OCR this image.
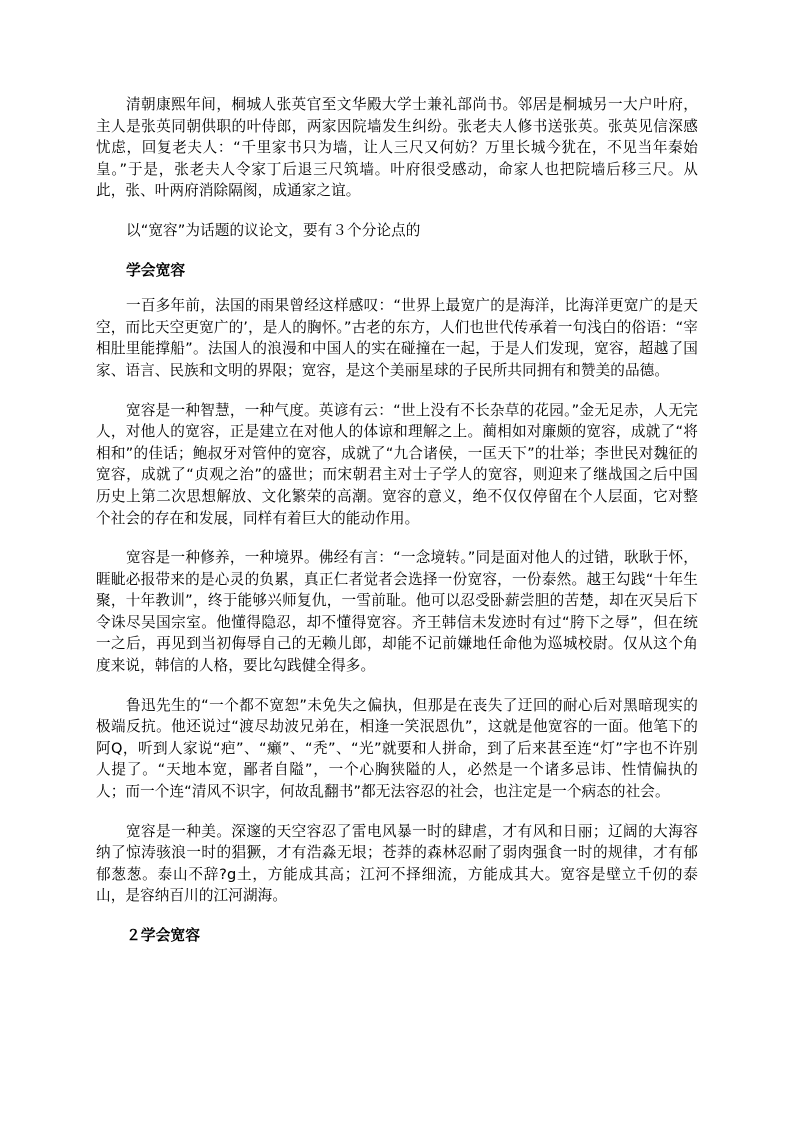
清朝康熙年间，桐城人张英官至文华殿大学士兼礼部尚书。邻居是桐城另一大户叶府，主人是张英同朝供职的叶侍郎，两家因院墙发生纠纷。张老夫人修书送张英。张英见信深感忧虑，回复老夫人：“千里家书只为墙，让人三尺又何妨？万里长城今犹在，不见当年秦始皇。”于是，张老夫人令家丁后退三尺筑墙。叶府很受感动，命家人也把院墙后移三尺。从此，张、叶两府消除隔阂，成通家之谊。

以“宽容”为话题的议论文，要有３个分论点的

学会宽容

一百多年前，法国的雨果曾经这样感叹：“世界上最宽广的是海洋，比海洋更宽广的是天空，而比天空更宽广的’，是人的胸怀。”古老的东方，人们也世代传承着一句浅白的俗语：“宰相肚里能撑船”。法国人的浪漫和中国人的实在碰撞在一起，于是人们发现，宽容，超越了国家、语言、民族和文明的界限；宽容，是这个美丽星球的子民所共同拥有和赞美的品德。

宽容是一种智慧，一种气度。英谚有云：“世上没有不长杂草的花园。”金无足赤，人无完人，对他人的宽容，正是建立在对他人的体谅和理解之上。蔺相如对廉颇的宽容，成就了“将相和”的佳话；鲍叔牙对管仲的宽容，成就了“九合诸侯，一匡天下”的壮举；李世民对魏征的宽容，成就了“贞观之治”的盛世；而宋朝君主对士子学人的宽容，则迎来了继战国之后中国历史上第二次思想解放、文化繁荣的高潮。宽容的意义，绝不仅仅停留在个人层面，它对整个社会的存在和发展，同样有着巨大的能动作用。

宽容是一种修养，一种境界。佛经有言：“一念境转。”同是面对他人的过错，耿耿于怀，睚眦必报带来的是心灵的负累，真正仁者觉者会选择一份宽容，一份泰然。越王勾践“十年生聚，十年教训”，终于能够兴师复仇，一雪前耻。他可以忍受卧薪尝胆的苦楚，却在灭吴后下令诛尽吴国宗室。他懂得隐忍，却不懂得宽容。齐王韩信未发迹时有过“胯下之辱”，但在统一之后，再见到当初侮辱自己的无赖儿郎，却能不记前嫌地任命他为巡城校尉。仅从这个角度来说，韩信的人格，要比勾践健全得多。

鲁迅先生的“一个都不宽恕”未免失之偏执，但那是在丧失了迂回的耐心后对黑暗现实的极端反抗。他还说过“渡尽劫波兄弟在，相逢一笑泯恩仇”，这就是他宽容的一面。他笔下的阿Q，听到人家说“疤”、“癞”、“秃”、“光”就要和人拼命，到了后来甚至连“灯”字也不许别人提了。“天地本宽，鄙者自隘”，一个心胸狭隘的人，必然是一个诸多忌讳、性情偏执的人；而一个连“清风不识字，何故乱翻书”都无法容忍的社会，也注定是一个病态的社会。

宽容是一种美。深邃的天空容忍了雷电风暴一时的肆虐，才有风和日丽；辽阔的大海容纳了惊涛骇浪一时的猖獗，才有浩淼无垠；苍莽的森林忍耐了弱肉强食一时的规律，才有郁郁葱葱。泰山不辞?g土，方能成其高；江河不择细流，方能成其大。宽容是壁立千仞的泰山，是容纳百川的江河湖海。

２学会宽容
